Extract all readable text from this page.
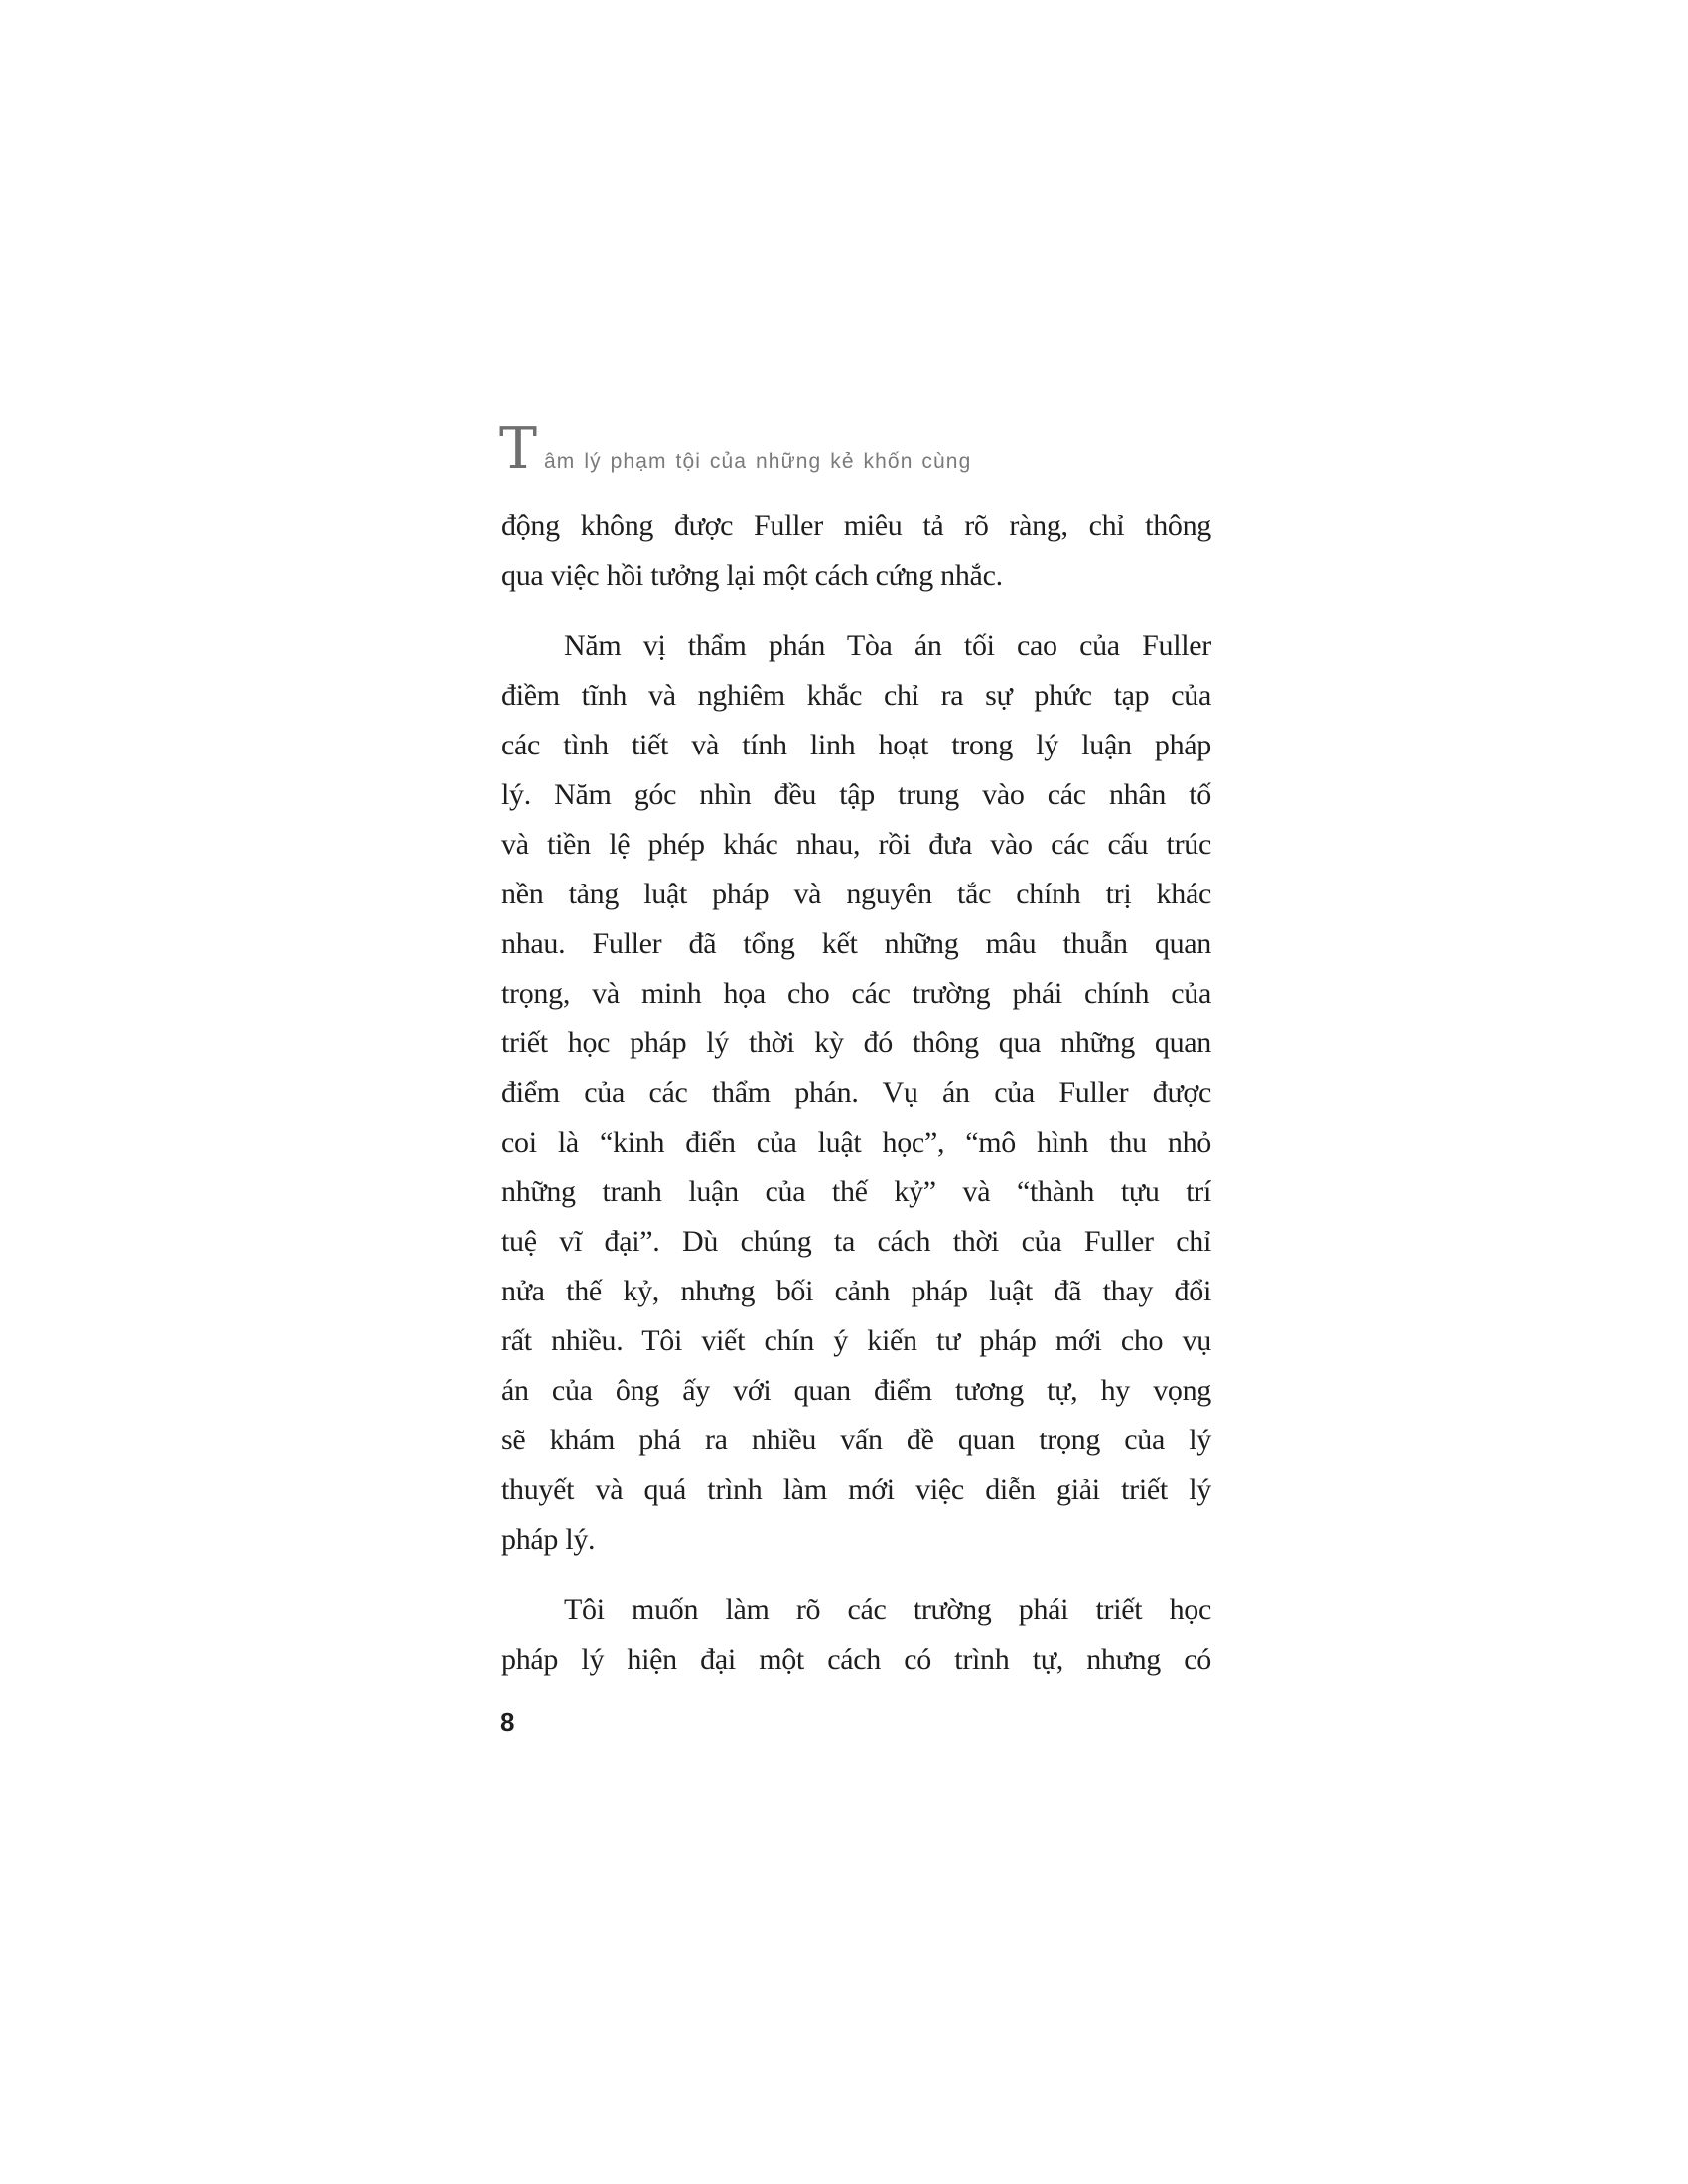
T âm lý phạm tội của những kẻ khốn cùng
động không được Fuller miêu tả rõ ràng, chỉ thông
qua việc hồi tưởng lại một cách cứng nhắc.
Năm vị thẩm phán Tòa án tối cao của Fuller
điềm tĩnh và nghiêm khắc chỉ ra sự phức tạp của
các tình tiết và tính linh hoạt trong lý luận pháp
lý. Năm góc nhìn đều tập trung vào các nhân tố
và tiền lệ phép khác nhau, rồi đưa vào các cấu trúc
nền tảng luật pháp và nguyên tắc chính trị khác
nhau. Fuller đã tổng kết những mâu thuẫn quan
trọng, và minh họa cho các trường phái chính của
triết học pháp lý thời kỳ đó thông qua những quan
điểm của các thẩm phán. Vụ án của Fuller được
coi là “kinh điển của luật học”, “mô hình thu nhỏ
những tranh luận của thế kỷ” và “thành tựu trí
tuệ vĩ đại”. Dù chúng ta cách thời của Fuller chỉ
nửa thế kỷ, nhưng bối cảnh pháp luật đã thay đổi
rất nhiều. Tôi viết chín ý kiến tư pháp mới cho vụ
án của ông ấy với quan điểm tương tự, hy vọng
sẽ khám phá ra nhiều vấn đề quan trọng của lý
thuyết và quá trình làm mới việc diễn giải triết lý
pháp lý.
Tôi muốn làm rõ các trường phái triết học
pháp lý hiện đại một cách có trình tự, nhưng có
8
